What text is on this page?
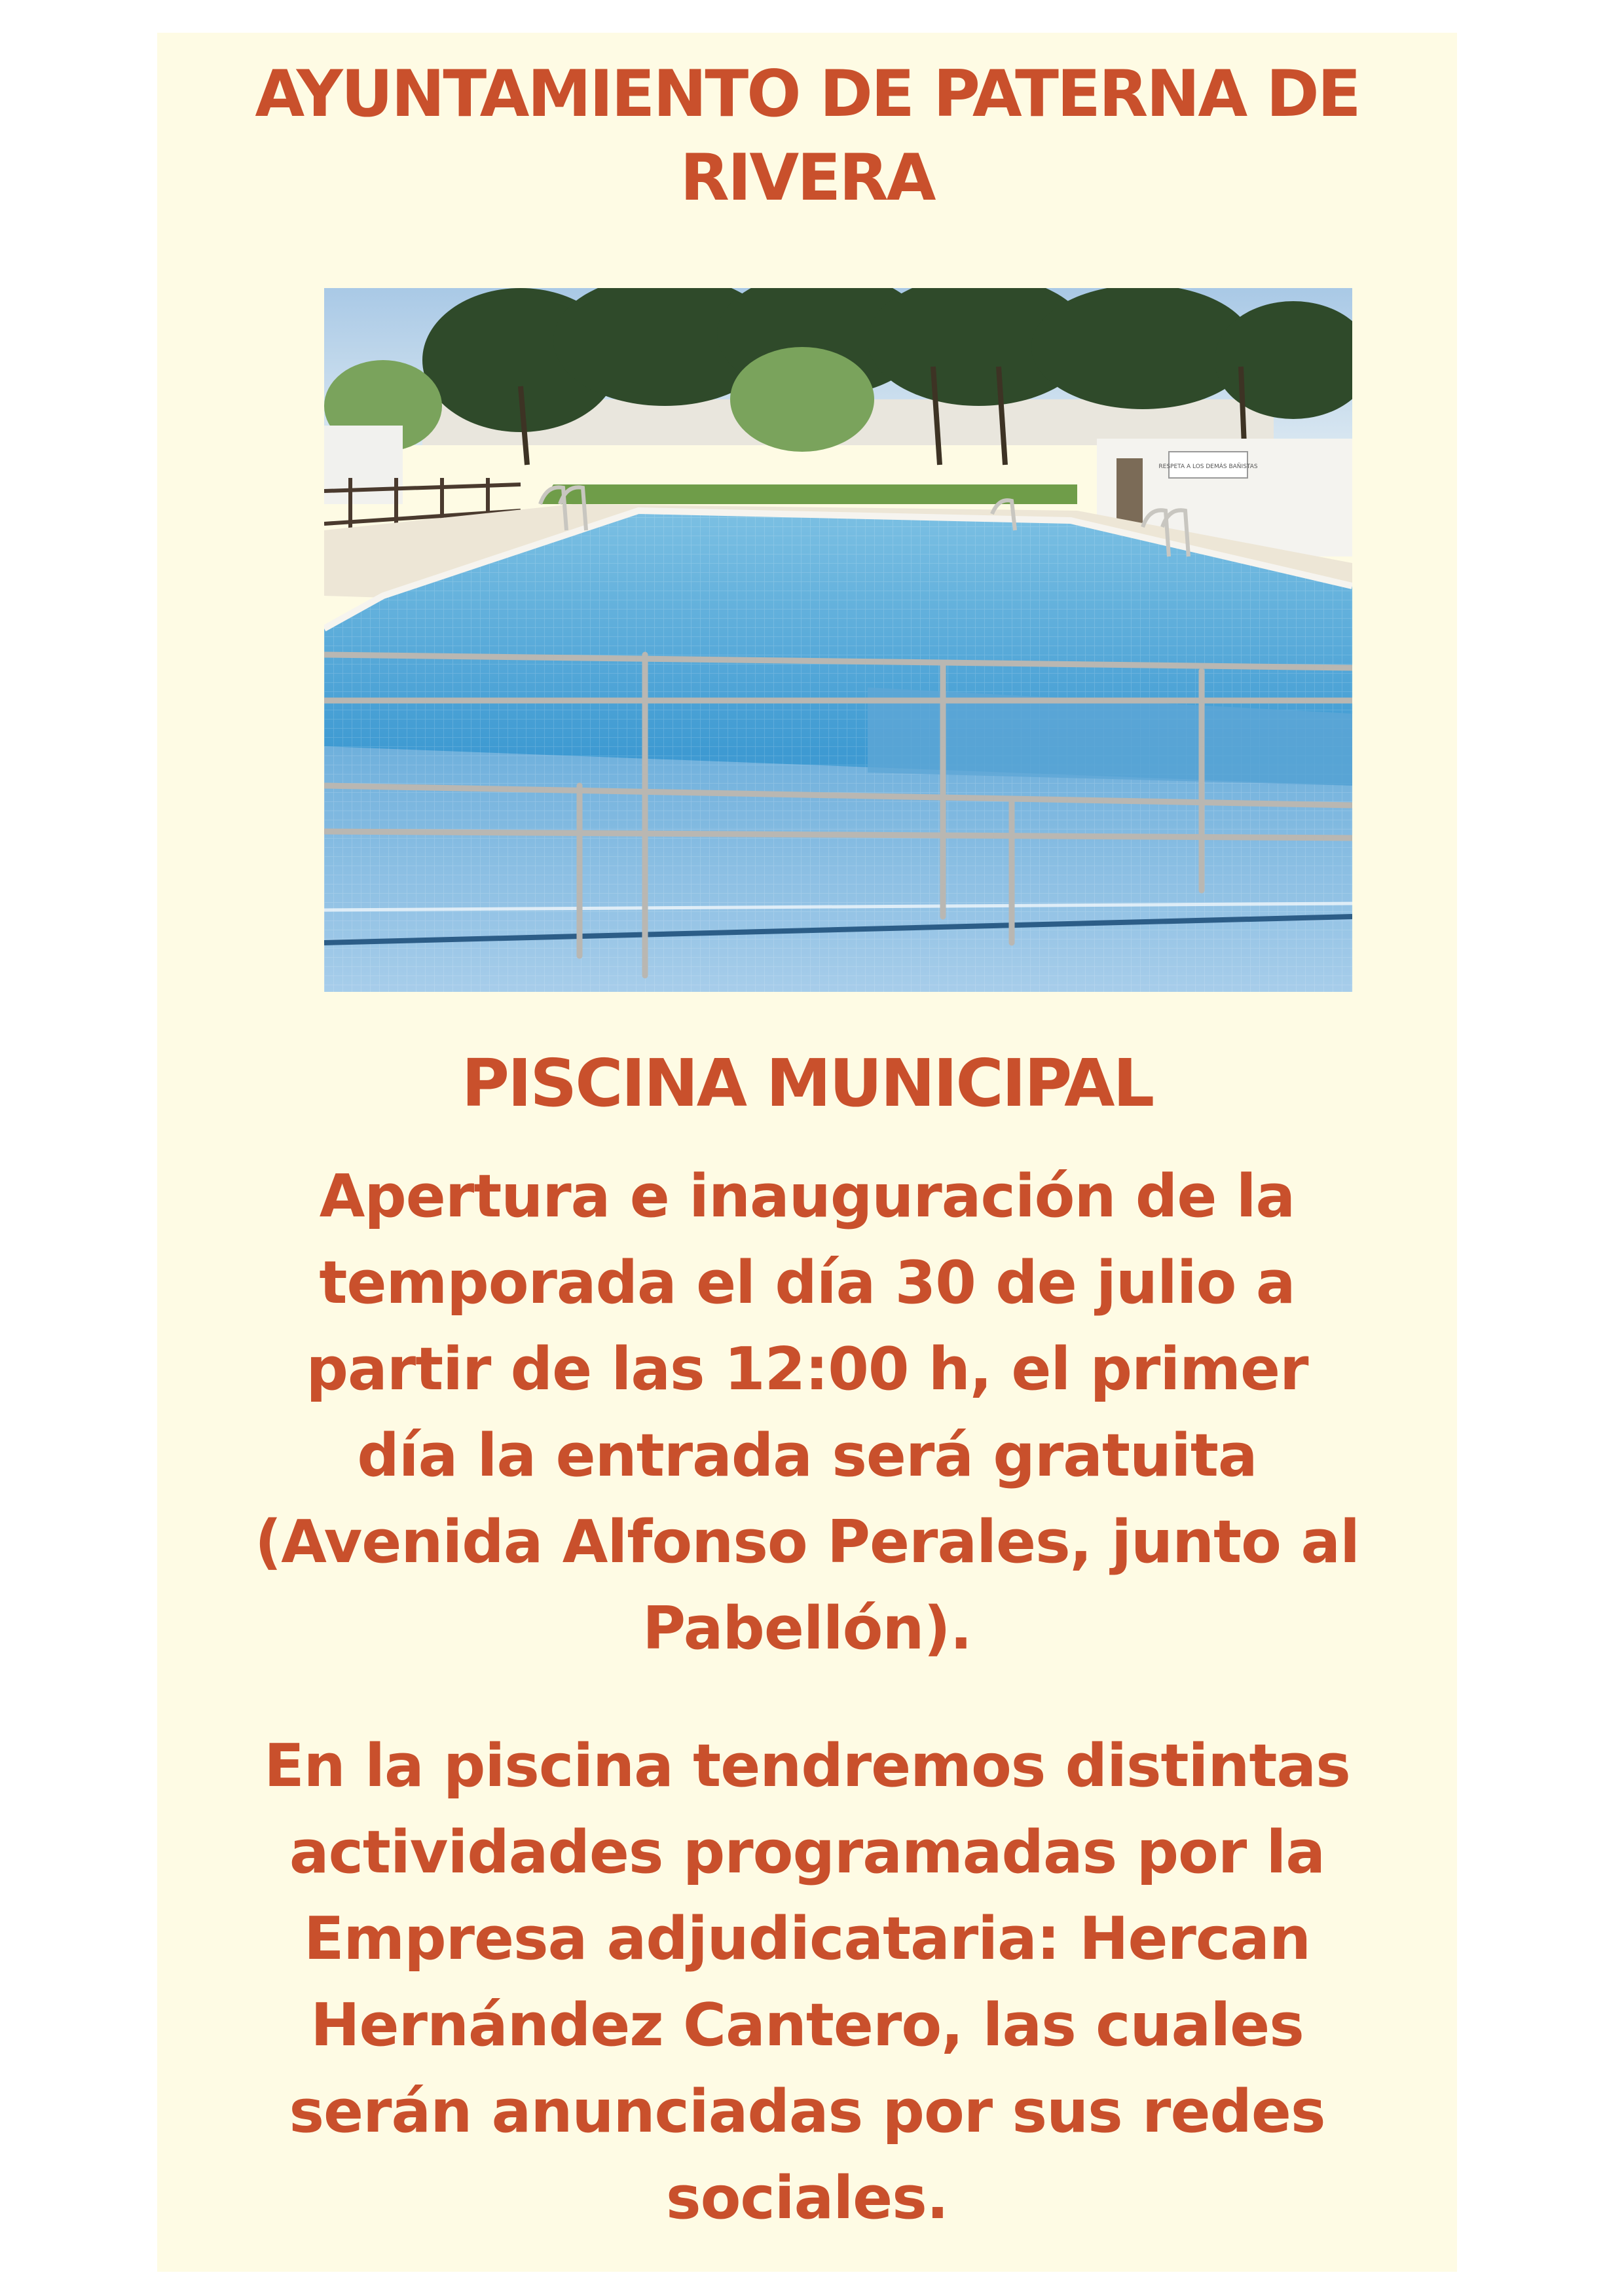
AYUNTAMIENTO DE PATERNA DE
RIVERA
RESPETA A LOS DEMÁS BAÑISTAS
PISCINA MUNICIPAL
Apertura e inauguración de la
temporada el día 30 de julio a
partir de las 12:00 h, el primer
día la entrada será gratuita
(Avenida Alfonso Perales, junto al
Pabellón).
En la piscina tendremos distintas
actividades programadas por la
Empresa adjudicataria: Hercan
Hernández Cantero, las cuales
serán anunciadas por sus redes
sociales.
